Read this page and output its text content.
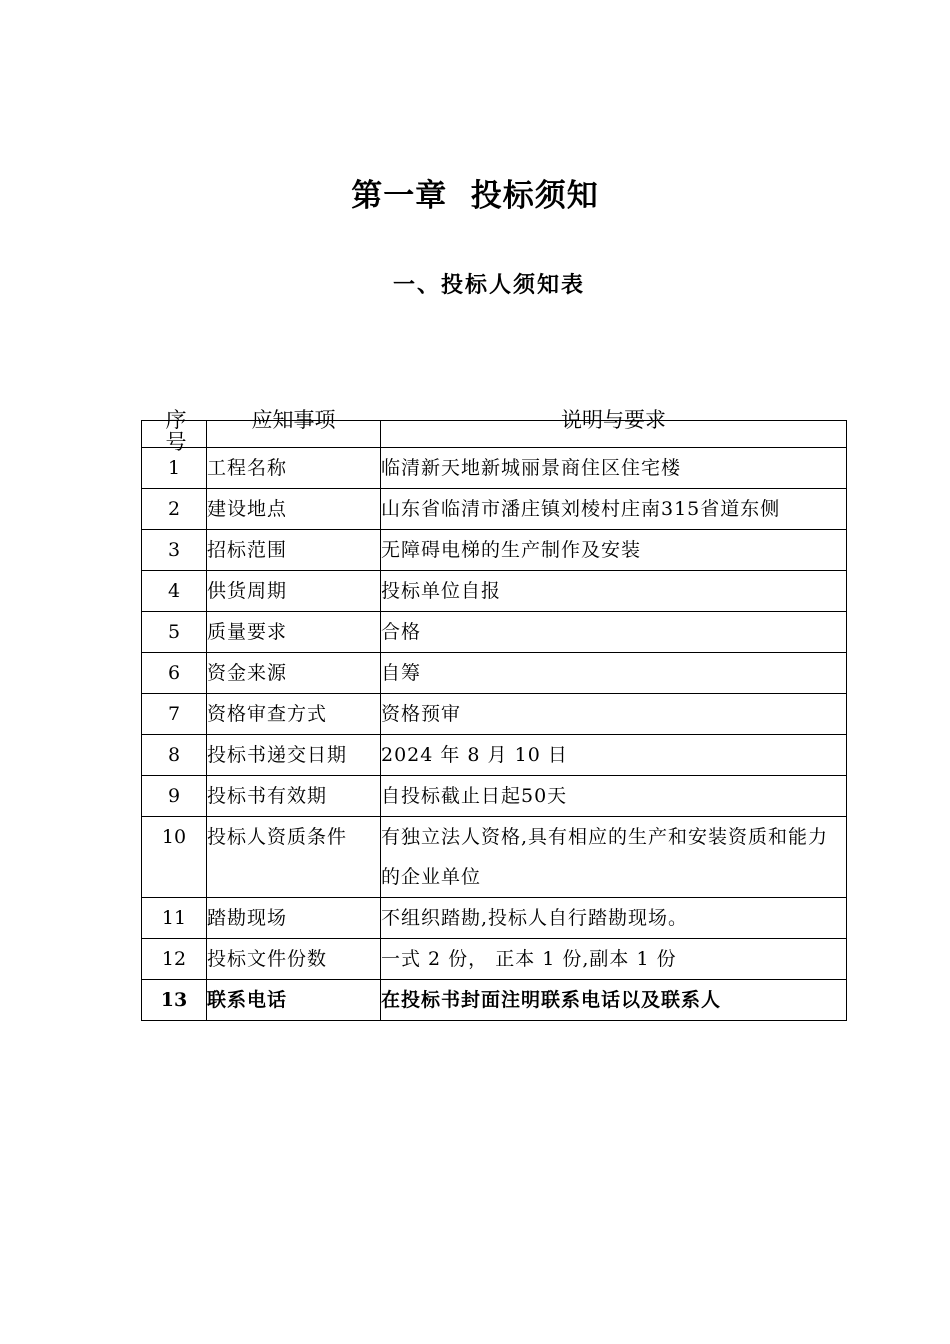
第一章  投标须知
一、投标人须知表
序号	应知事项	说明与要求

1	工程名称	临清新天地新城丽景商住区住宅楼
2	建设地点	山东省临清市潘庄镇刘棱村庄南315省道东侧
3	招标范围	无障碍电梯的生产制作及安装
4	供货周期	投标单位自报
5	质量要求	合格
6	资金来源	自筹
7	资格审查方式	资格预审
8	投标书递交日期	2024 年 8 月 10 日
9	投标书有效期	自投标截止日起50天
10	投标人资质条件	有独立法人资格,具有相应的生产和安装资质和能力的企业单位
11	踏勘现场	不组织踏勘,投标人自行踏勘现场。
12	投标文件份数	一式 2 份， 正本 1 份,副本 1 份
13	联系电话	在投标书封面注明联系电话以及联系人
